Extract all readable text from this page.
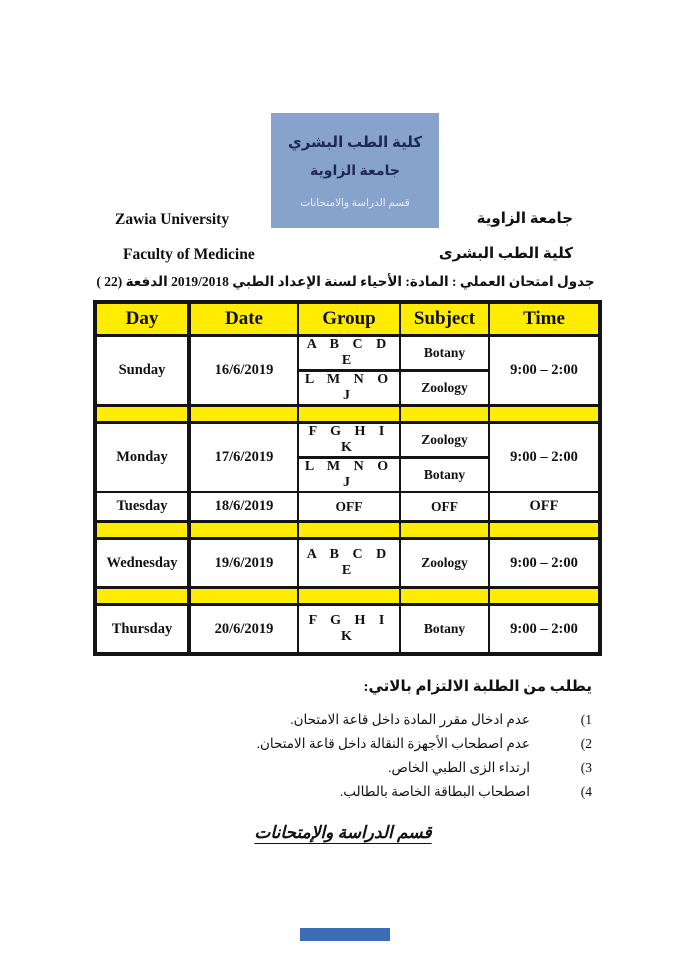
كلية الطب البشري
جامعة الزاوية
قسم الدراسة والامتحانات
Zawia University
Faculty of Medicine
جامعة الزاوية
كلية الطب البشرى
جدول امتحان العملي : المادة: الأحياء لسنة الإعداد الطبي 2019/2018 الدفعة (22 )
Day	Date	Group	Subject	Time
Sunday	16/6/2019	A B C D E	Botany	9:00 – 2:00
		L M N O J	Zoology	

Monday	17/6/2019	F G H I K	Zoology	9:00 – 2:00
		L M N O J	Botany	
Tuesday	18/6/2019	OFF	OFF	OFF

Wednesday	19/6/2019	A B C D E	Zoology	9:00 – 2:00

Thursday	20/6/2019	F G H I K	Botany	9:00 – 2:00
يطلب من الطلبة الالتزام بالاتي:
(1
عدم ادخال مقرر المادة داخل قاعة الامتحان.
(2
عدم اصطحاب الأجهزة النقالة داخل قاعة الامتحان.
(3
ارتداء الزى الطبي الخاص.
(4
اصطحاب البطاقة الخاصة بالطالب.
قسم الدراسة والإمتحانات
